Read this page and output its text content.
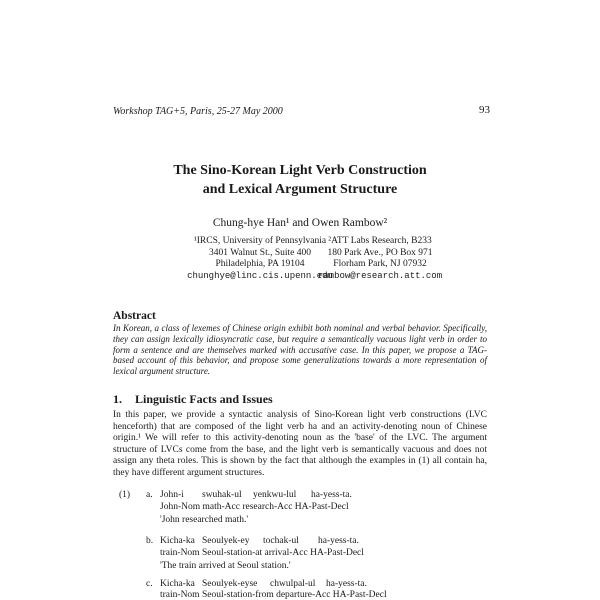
Workshop TAG+5, Paris, 25-27 May 2000	93
The Sino-Korean Light Verb Construction
and Lexical Argument Structure
Chung-hye Han¹ and Owen Rambow²
¹IRCS, University of Pennsylvania
3401 Walnut St., Suite 400
Philadelphia, PA 19104
chunghye@linc.cis.upenn.edu
²ATT Labs Research, B233
180 Park Ave., PO Box 971
Florham Park, NJ 07932
rambow@research.att.com
Abstract
In Korean, a class of lexemes of Chinese origin exhibit both nominal and verbal behavior. Specifically, they can assign lexically idiosyncratic case, but require a semantically vacuous light verb in order to form a sentence and are themselves marked with accusative case. In this paper, we propose a TAG-based account of this behavior, and propose some generalizations towards a more representation of lexical argument structure.
1. Linguistic Facts and Issues
In this paper, we provide a syntactic analysis of Sino-Korean light verb constructions (LVC henceforth) that are composed of the light verb ha and an activity-denoting noun of Chinese origin.¹ We will refer to this activity-denoting noun as the 'base' of the LVC. The argument structure of LVCs come from the base, and the light verb is semantically vacuous and does not assign any theta roles. This is shown by the fact that although the examples in (1) all contain ha, they have different argument structures.
(1) a. John-i swuhak-ul yenkwu-lul ha-yess-ta.
John-Nom math-Acc research-Acc HA-Past-Decl
'John researched math.'
b. Kicha-ka Seoulyek-ey tochak-ul ha-yess-ta.
train-Nom Seoul-station-at arrival-Acc HA-Past-Decl
'The train arrived at Seoul station.'
c. Kicha-ka Seoulyek-eyse chwulpal-ul ha-yess-ta.
train-Nom Seoul-station-from departure-Acc HA-Past-Decl
